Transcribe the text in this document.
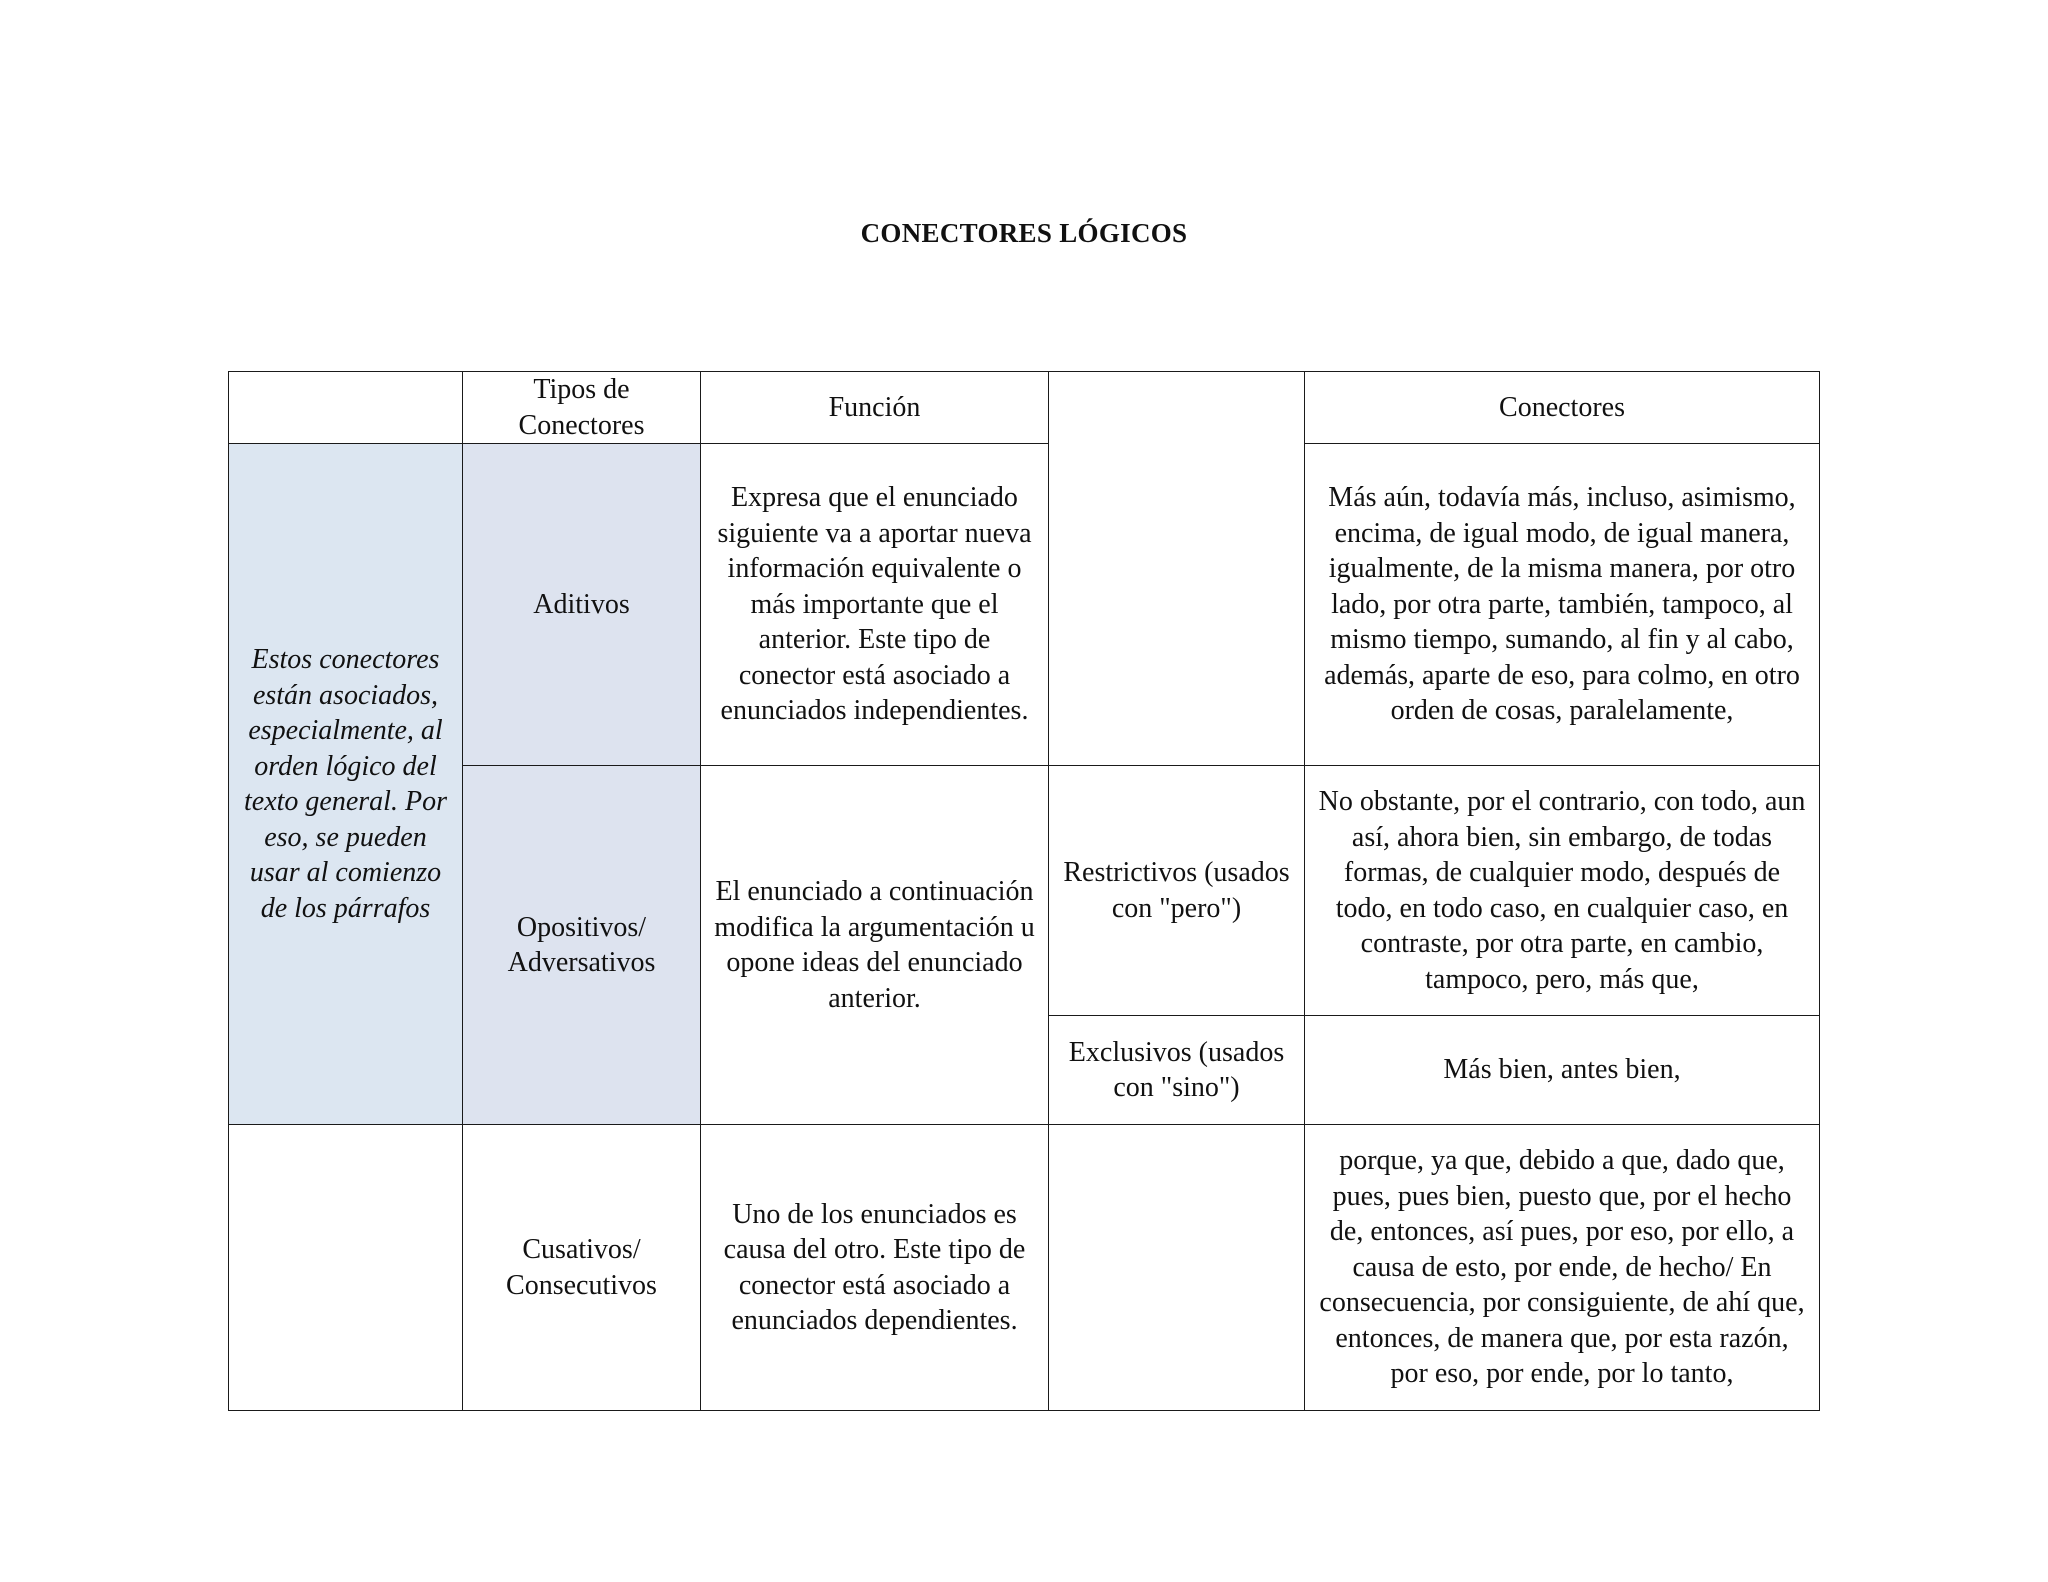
CONECTORES LÓGICOS
	Tipos de Conectores	Función		Conectores
Estos conectores están asociados, especialmente, al orden lógico del texto general. Por eso, se pueden usar al comienzo de los párrafos	Aditivos	Expresa que el enunciado siguiente va a aportar nueva información equivalente o más importante que el anterior. Este tipo de conector está asociado a enunciados independientes.		Más aún, todavía más, incluso, asimismo, encima, de igual modo, de igual manera, igualmente, de la misma manera, por otro lado, por otra parte, también, tampoco, al mismo tiempo, sumando, al fin y al cabo, además, aparte de eso, para colmo, en otro orden de cosas, paralelamente,
	Opositivos/ Adversativos	El enunciado a continuación modifica la argumentación u opone ideas del enunciado anterior.	Restrictivos (usados con "pero")	No obstante, por el contrario, con todo, aun así, ahora bien, sin embargo, de todas formas, de cualquier modo, después de todo, en todo caso, en cualquier caso, en contraste, por otra parte, en cambio, tampoco, pero, más que,
			Exclusivos (usados con "sino")	Más bien, antes bien,
	Cusativos/ Consecutivos	Uno de los enunciados es causa del otro. Este tipo de conector está asociado a enunciados dependientes.		porque, ya que, debido a que, dado que, pues, pues bien, puesto que, por el hecho de, entonces, así pues, por eso, por ello, a causa de esto, por ende, de hecho/ En consecuencia, por consiguiente, de ahí que, entonces, de manera que, por esta razón, por eso, por ende, por lo tanto,
